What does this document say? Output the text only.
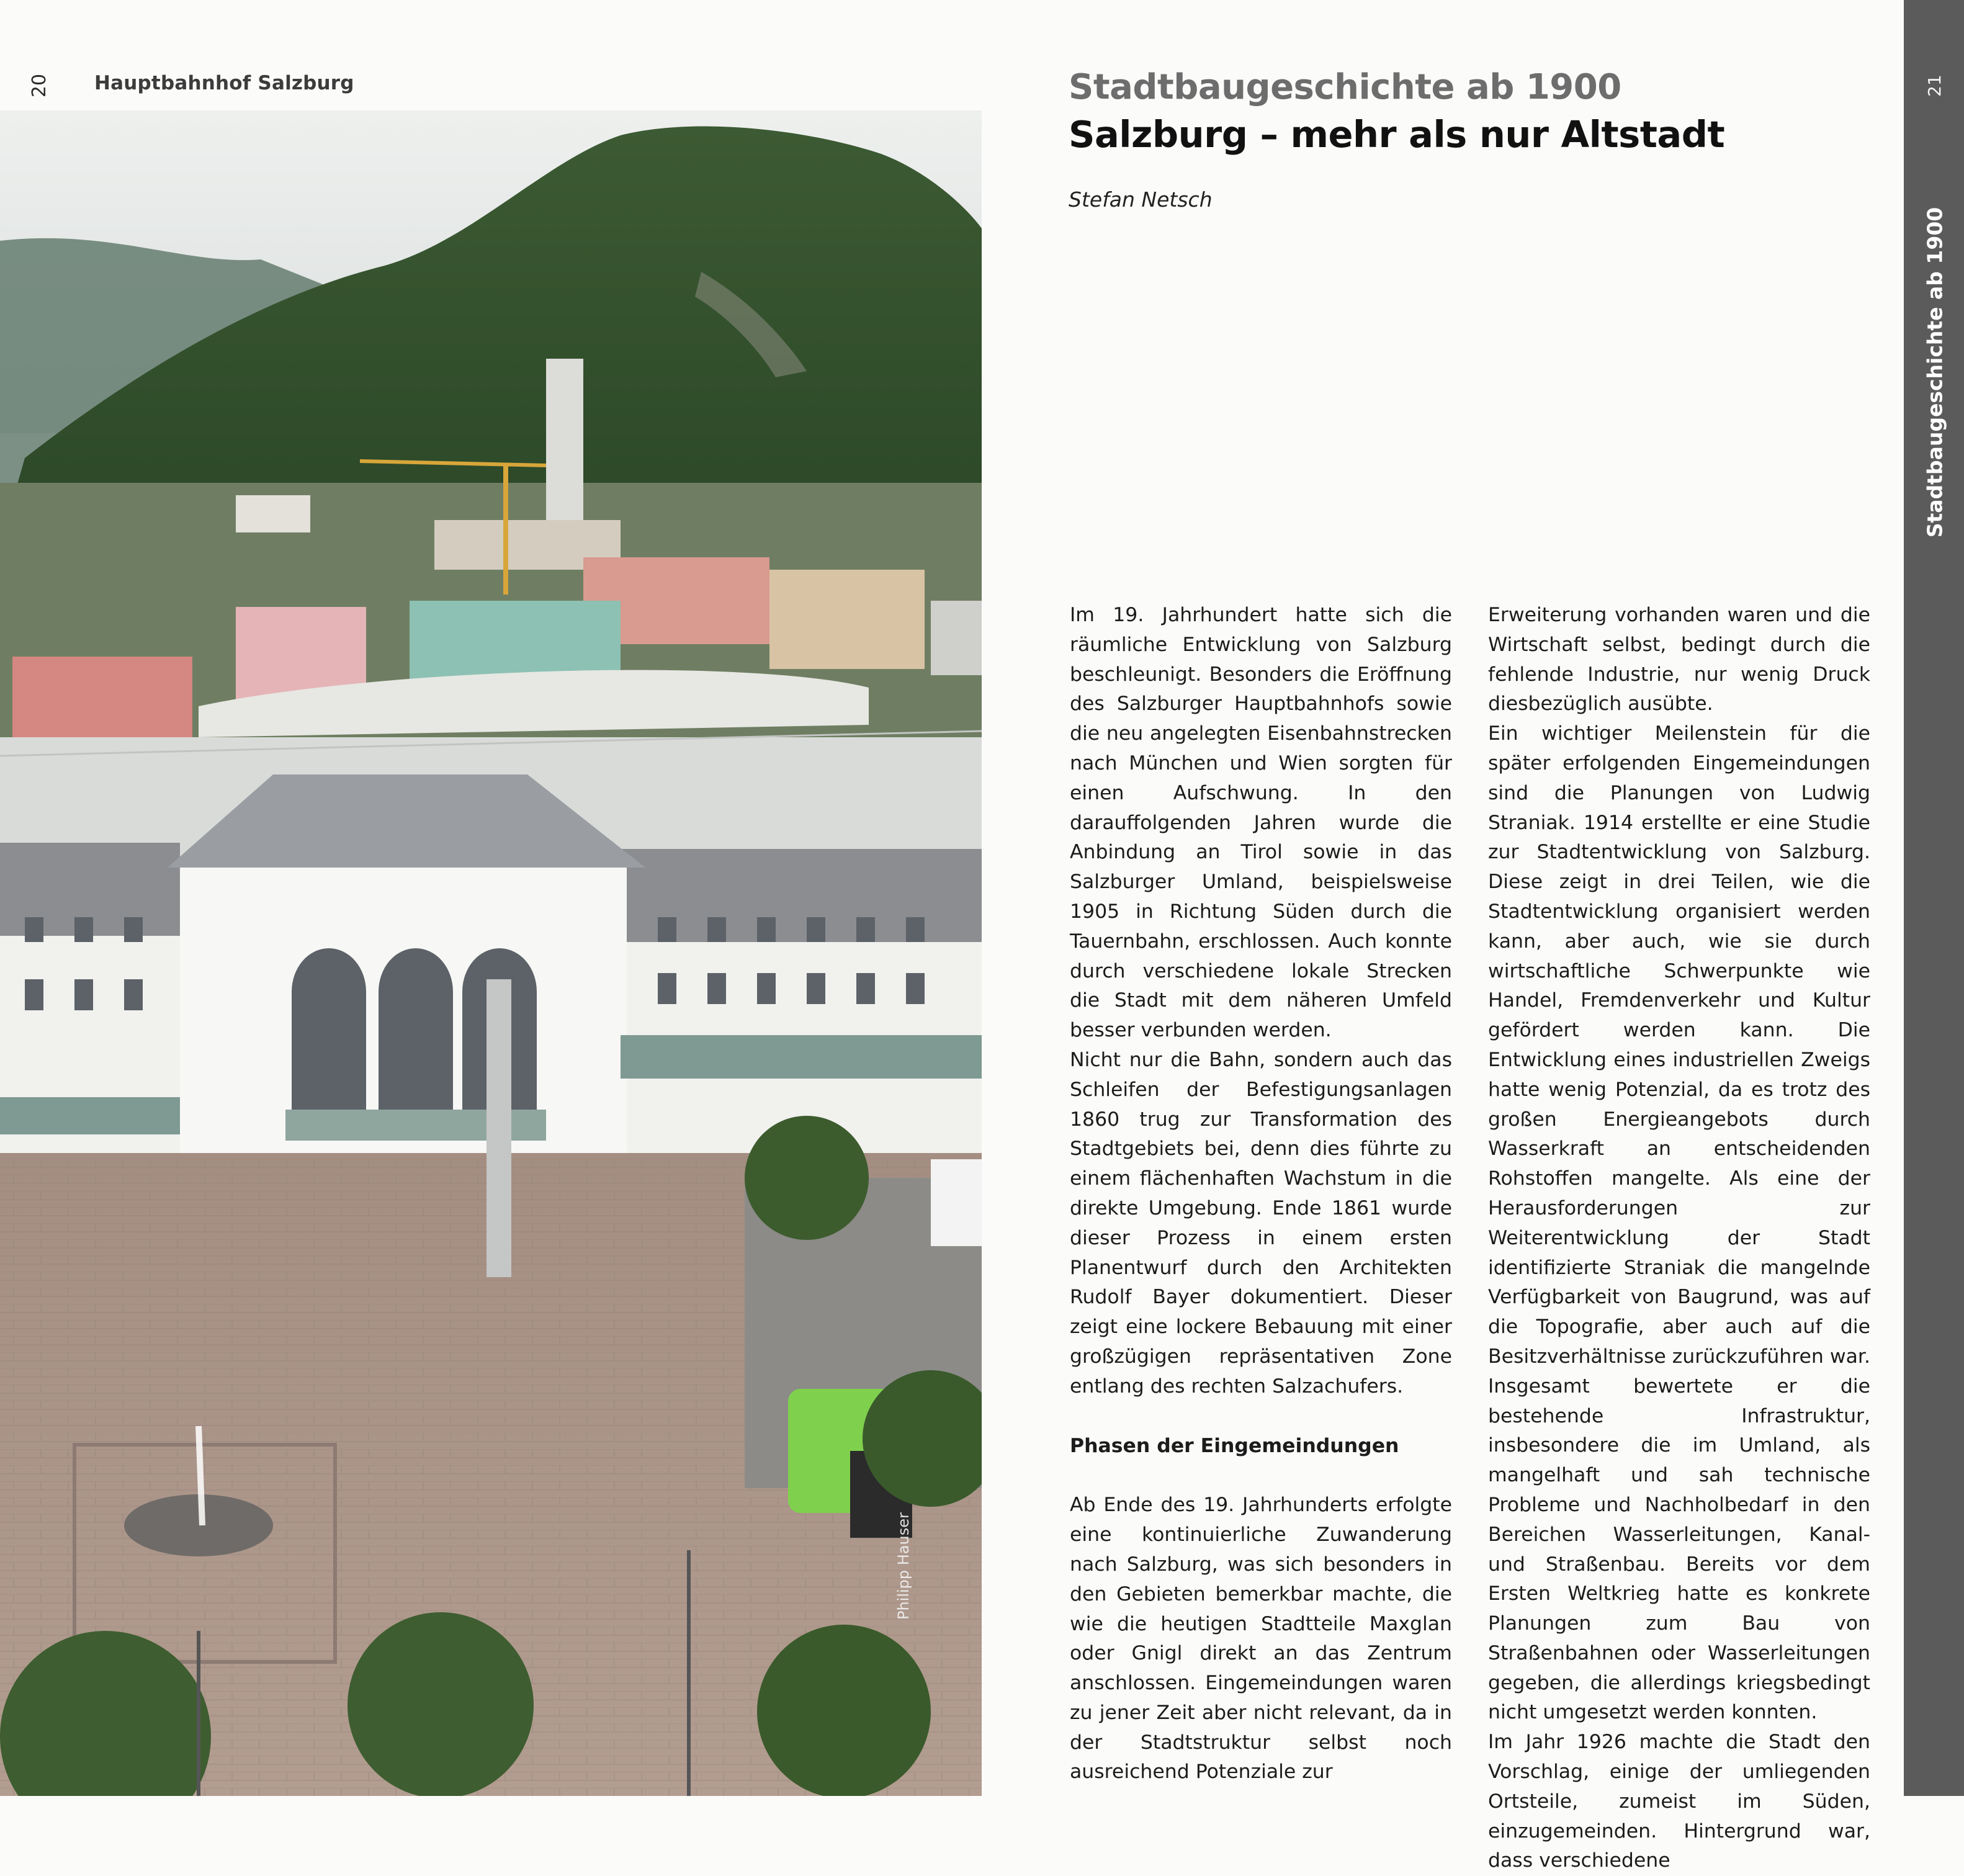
20 Hauptbahnhof Salzburg
Philipp Hauser
21
Stadtbaugeschichte ab 1900
Stadtbaugeschichte ab 1900
Salzburg – mehr als nur Altstadt
Stefan Netsch

Im 19. Jahrhundert hatte sich die räumliche Entwicklung von Salzburg beschleunigt. Besonders die Eröffnung des Salzburger Hauptbahnhofs sowie die neu angelegten Eisenbahnstrecken nach München und Wien sorgten für einen Aufschwung. In den darauffolgenden Jahren wurde die Anbindung an Tirol sowie in das Salzburger Umland, beispielsweise 1905 in Richtung Süden durch die Tauernbahn, erschlossen. Auch konnte durch verschiedene lokale Strecken die Stadt mit dem näheren Umfeld besser verbunden werden.

Nicht nur die Bahn, sondern auch das Schleifen der Befestigungsanlagen 1860 trug zur Transformation des Stadtgebiets bei, denn dies führte zu einem flächenhaften Wachstum in die direkte Umgebung. Ende 1861 wurde dieser Prozess in einem ersten Planentwurf durch den Architekten Rudolf Bayer dokumentiert. Dieser zeigt eine lockere Bebauung mit einer großzügigen repräsentativen Zone entlang des rechten Salzachufers.

Phasen der Eingemeindungen

Ab Ende des 19. Jahrhunderts erfolgte eine kontinuierliche Zuwanderung nach Salzburg, was sich besonders in den Gebieten bemerkbar machte, die wie die heutigen Stadtteile Maxglan oder Gnigl direkt an das Zentrum anschlossen. Eingemeindungen waren zu jener Zeit aber nicht relevant, da in der Stadtstruktur selbst noch ausreichend Potenziale zur

Erweiterung vorhanden waren und die Wirtschaft selbst, bedingt durch die fehlende Industrie, nur wenig Druck diesbezüglich ausübte.

Ein wichtiger Meilenstein für die später erfolgenden Eingemeindungen sind die Planungen von Ludwig Straniak. 1914 erstellte er eine Studie zur Stadtentwicklung von Salzburg. Diese zeigt in drei Teilen, wie die Stadtentwicklung organisiert werden kann, aber auch, wie sie durch wirtschaftliche Schwerpunkte wie Handel, Fremdenverkehr und Kultur gefördert werden kann. Die Entwicklung eines industriellen Zweigs hatte wenig Potenzial, da es trotz des großen Energieangebots durch Wasserkraft an entscheidenden Rohstoffen mangelte. Als eine der Herausforderungen zur Weiterentwicklung der Stadt identifizierte Straniak die mangelnde Verfügbarkeit von Baugrund, was auf die Topografie, aber auch auf die Besitzverhältnisse zurückzuführen war. Insgesamt bewertete er die bestehende Infrastruktur, insbesondere die im Umland, als mangelhaft und sah technische Probleme und Nachholbedarf in den Bereichen Wasserleitungen, Kanal- und Straßenbau. Bereits vor dem Ersten Weltkrieg hatte es konkrete Planungen zum Bau von Straßenbahnen oder Wasserleitungen gegeben, die allerdings kriegsbedingt nicht umgesetzt werden konnten.

Im Jahr 1926 machte die Stadt den Vorschlag, einige der umliegenden Ortsteile, zumeist im Süden, einzugemeinden. Hintergrund war, dass verschiedene
